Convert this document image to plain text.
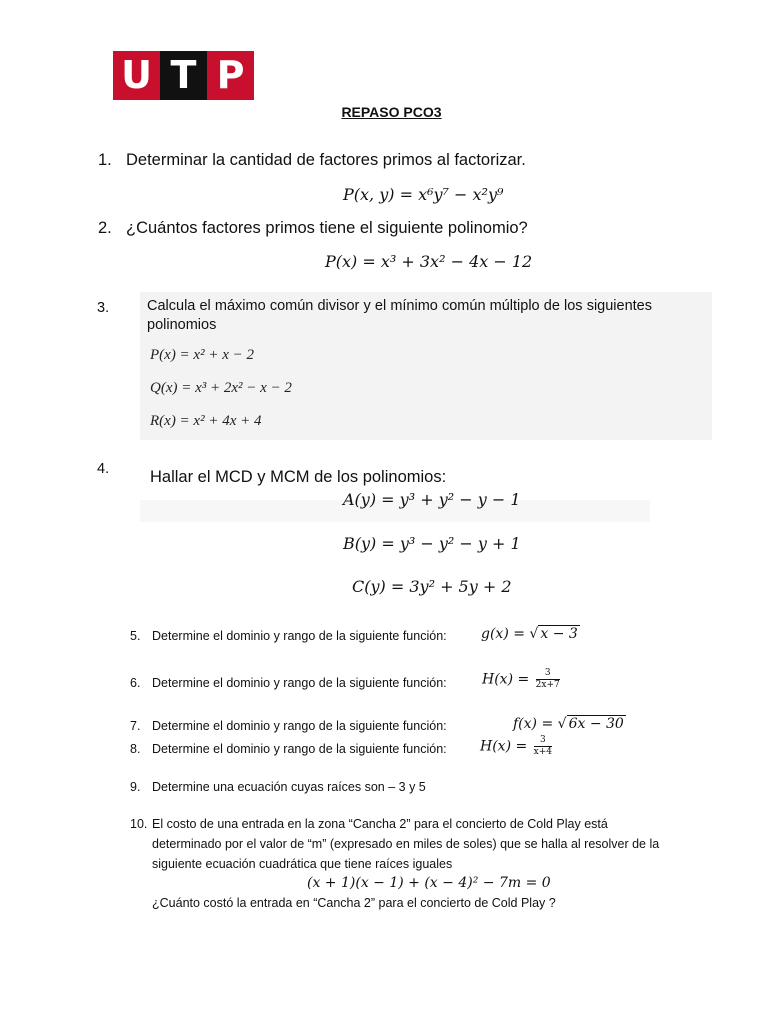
U T P
REPASO PCO3
1. Determinar la cantidad de factores primos al factorizar.
P(x, y) = x⁶y⁷ − x²y⁹
2. ¿Cuántos factores primos tiene el siguiente polinomio?
P(x) = x³ + 3x² − 4x − 12
3.	Calcula el máximo común divisor y el mínimo común múltiplo de los siguientes polinomios
P(x) = x² + x − 2
Q(x) = x³ + 2x² − x − 2
R(x) = x² + 4x + 4
4. Hallar el MCD y MCM de los polinomios:
A(y) = y³ + y² − y − 1
B(y) = y³ − y² − y + 1
C(y) = 3y² + 5y + 2
5. Determine el dominio y rango de la siguiente función: g(x) = √ x − 3
6. Determine el dominio y rango de la siguiente función:	$H(x) = \frac{3}{2x+7}$
7. Determine el dominio y rango de la siguiente función:	f(x) = √ 6x − 30
8. Determine el dominio y rango de la siguiente función: $H(x) = \frac{3}{x+4}$
9. Determine una ecuación cuyas raíces son – 3 y 5
10. El costo de una entrada en la zona “Cancha 2” para el concierto de Cold Play está
determinado por el valor de “m” (expresado en miles de soles) que se halla al resolver de la
siguiente ecuación cuadrática que tiene raíces iguales
(x + 1)(x − 1) + (x − 4)² − 7m = 0
¿Cuánto costó la entrada en “Cancha 2” para el concierto de Cold Play ?
